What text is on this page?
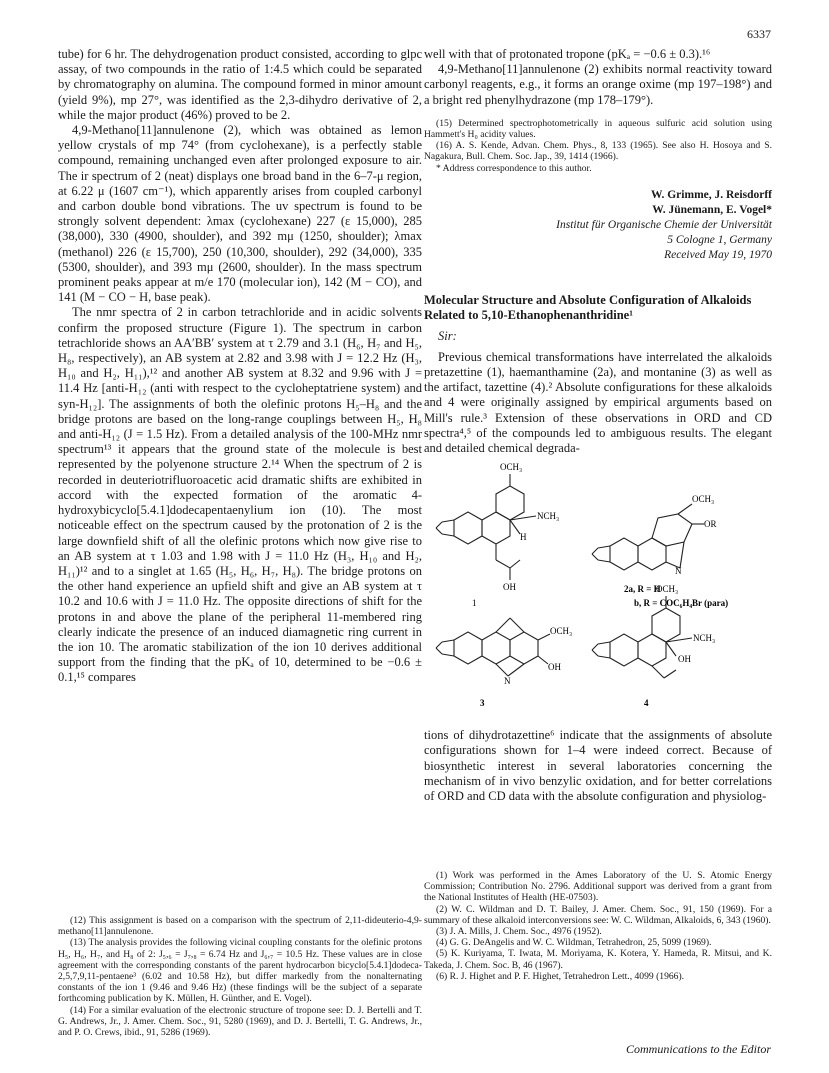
6337

tube) for 6 hr. The dehydrogenation product consisted, according to glpc assay, of two compounds in the ratio of 1:4.5 which could be separated by chromatography on alumina. The compound formed in minor amount (yield 9%), mp 27°, was identified as the 2,3-dihydro derivative of 2, while the major product (46%) proved to be 2.

4,9-Methano[11]annulenone (2), which was obtained as lemon yellow crystals of mp 74° (from cyclohexane), is a perfectly stable compound, remaining unchanged even after prolonged exposure to air. The ir spectrum of 2 (neat) displays one broad band in the 6–7-μ region, at 6.22 μ (1607 cm⁻¹), which apparently arises from coupled carbonyl and carbon double bond vibrations. The uv spectrum is found to be strongly solvent dependent: λmax (cyclohexane) 227 (ε 15,000), 285 (38,000), 330 (4900, shoulder), and 392 mμ (1250, shoulder); λmax (methanol) 226 (ε 15,700), 250 (10,300, shoulder), 292 (34,000), 335 (5300, shoulder), and 393 mμ (2600, shoulder). In the mass spectrum prominent peaks appear at m/e 170 (molecular ion), 142 (M − CO), and 141 (M − CO − H, base peak).

The nmr spectra of 2 in carbon tetrachloride and in acidic solvents confirm the proposed structure (Figure 1). The spectrum in carbon tetrachloride shows an AA′BB′ system at τ 2.79 and 3.1 (H₆, H₇ and H₅, H₈, respectively), an AB system at 2.82 and 3.98 with J = 12.2 Hz (H₃, H₁₀ and H₂, H₁₁),¹² and another AB system at 8.32 and 9.96 with J = 11.4 Hz [anti-H₁₂ (anti with respect to the cycloheptatriene system) and syn-H₁₂]. The assignments of both the olefinic protons H₅–H₈ and the bridge protons are based on the long-range couplings between H₅, H₈ and anti-H₁₂ (J = 1.5 Hz). From a detailed analysis of the 100-MHz nmr spectrum¹³ it appears that the ground state of the molecule is best represented by the polyenone structure 2.¹⁴ When the spectrum of 2 is recorded in deuteriotrifluoroacetic acid dramatic shifts are exhibited in accord with the expected formation of the aromatic 4-hydroxybicyclo[5.4.1]dodecapentaenylium ion (10). The most noticeable effect on the spectrum caused by the protonation of 2 is the large downfield shift of all the olefinic protons which now give rise to an AB system at τ 1.03 and 1.98 with J = 11.0 Hz (H₃, H₁₀ and H₂, H₁₁)¹² and to a singlet at 1.65 (H₅, H₆, H₇, H₈). The bridge protons on the other hand experience an upfield shift and give an AB system at τ 10.2 and 10.6 with J = 11.0 Hz. The opposite directions of shift for the protons in and above the plane of the peripheral 11-membered ring clearly indicate the presence of an induced diamagnetic ring current in the ion 10. The aromatic stabilization of the ion 10 derives additional support from the finding that the pKₐ of 10, determined to be −0.6 ± 0.1,¹⁵ compares

(12) This assignment is based on a comparison with the spectrum of 2,11-dideuterio-4,9-methano[11]annulenone.
(13) The analysis provides the following vicinal coupling constants for the olefinic protons H₅, H₆, H₇, and H₈ of 2: J₅,₆ = J₇,₈ = 6.74 Hz and J₆,₇ = 10.5 Hz. These values are in close agreement with the corresponding constants of the parent hydrocarbon bicyclo[5.4.1]dodeca-2,5,7,9,11-pentaene³ (6.02 and 10.58 Hz), but differ markedly from the nonalternating constants of the ion 1 (9.46 and 9.46 Hz) (these findings will be the subject of a separate forthcoming publication by K. Müllen, H. Günther, and E. Vogel).
(14) For a similar evaluation of the electronic structure of tropone see: D. J. Bertelli and T. G. Andrews, Jr., J. Amer. Chem. Soc., 91, 5280 (1969), and D. J. Bertelli, T. G. Andrews, Jr., and P. O. Crews, ibid., 91, 5286 (1969).

well with that of protonated tropone (pKₐ = −0.6 ± 0.3).¹⁶

4,9-Methano[11]annulenone (2) exhibits normal reactivity toward carbonyl reagents, e.g., it forms an orange oxime (mp 197–198°) and a bright red phenylhydrazone (mp 178–179°).

(15) Determined spectrophotometrically in aqueous sulfuric acid solution using Hammett's H₀ acidity values.
(16) A. S. Kende, Advan. Chem. Phys., 8, 133 (1965). See also H. Hosoya and S. Nagakura, Bull. Chem. Soc. Jap., 39, 1414 (1966).
* Address correspondence to this author.
W. Grimme, J. Reisdorff
W. Jünemann, E. Vogel*
Institut für Organische Chemie der Universität
5 Cologne 1, Germany
Received May 19, 1970
Molecular Structure and Absolute Configuration of Alkaloids Related to 5,10-Ethanophenanthridine¹
Sir:

Previous chemical transformations have interrelated the alkaloids pretazettine (1), haemanthamine (2a), and montanine (3) as well as the artifact, tazettine (4).² Absolute configurations for these alkaloids and 4 were originally assigned by empirical arguments based on Mill's rule.³ Extension of these observations in ORD and CD spectra⁴,⁵ of the compounds led to ambiguous results. The elegant and detailed chemical degrada-

OCH₃
NCH₃
H
OH
OCH₃
OR
N
OCH₃
OH
N
OCH₃
NCH₃
OH
1
2a, R = H
b, R = COC₆H₄Br (para)
3	4

tions of dihydrotazettine⁶ indicate that the assignments of absolute configurations shown for 1–4 were indeed correct. Because of biosynthetic interest in several laboratories concerning the mechanism of in vivo benzylic oxidation, and for better correlations of ORD and CD data with the absolute configuration and physiolog-

(1) Work was performed in the Ames Laboratory of the U. S. Atomic Energy Commission; Contribution No. 2796. Additional support was derived from a grant from the National Institutes of Health (HE-07503).
(2) W. C. Wildman and D. T. Bailey, J. Amer. Chem. Soc., 91, 150 (1969). For a summary of these alkaloid interconversions see: W. C. Wildman, Alkaloids, 6, 343 (1960).
(3) J. A. Mills, J. Chem. Soc., 4976 (1952).
(4) G. G. DeAngelis and W. C. Wildman, Tetrahedron, 25, 5099 (1969).
(5) K. Kuriyama, T. Iwata, M. Moriyama, K. Kotera, Y. Hameda, R. Mitsui, and K. Takeda, J. Chem. Soc. B, 46 (1967).
(6) R. J. Highet and P. F. Highet, Tetrahedron Lett., 4099 (1966).
Communications to the Editor
